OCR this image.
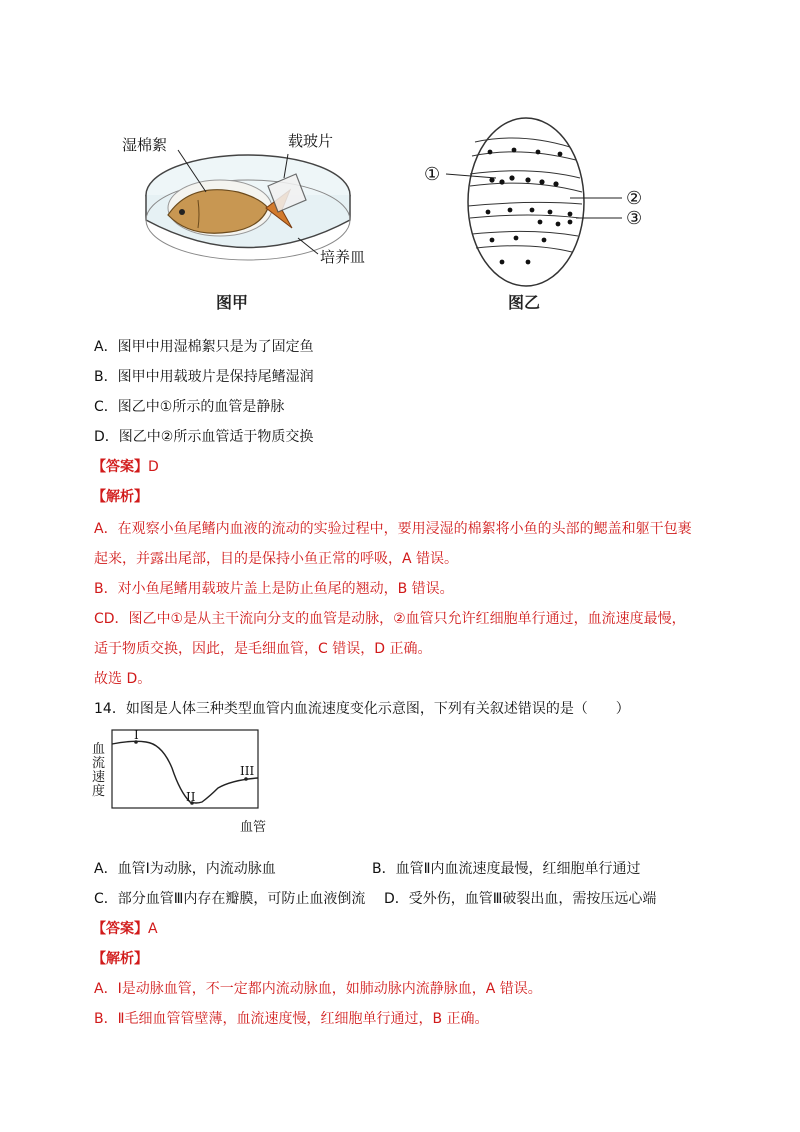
湿棉絮	载玻片
培养皿
图甲
①
②
③
图乙
A．图甲中用湿棉絮只是为了固定鱼
B．图甲中用载玻片是保持尾鳍湿润
C．图乙中①所示的血管是静脉
D．图乙中②所示血管适于物质交换
【答案】D
【解析】
A．在观察小鱼尾鳍内血液的流动的实验过程中，要用浸湿的棉絮将小鱼的头部的鳃盖和躯干包裹
起来，并露出尾部，目的是保持小鱼正常的呼吸，A 错误。
B．对小鱼尾鳍用载玻片盖上是防止鱼尾的翘动，B 错误。
CD．图乙中①是从主干流向分支的血管是动脉，②血管只允许红细胞单行通过，血流速度最慢，
适于物质交换，因此，是毛细血管，C 错误，D 正确。
故选 D。
14．如图是人体三种类型血管内血流速度变化示意图，下列有关叙述错误的是（　　）
血
流
速
度
血管
I
II
III
A．血管Ⅰ为动脉，内流动脉血	B．血管Ⅱ内血流速度最慢，红细胞单行通过
C．部分血管Ⅲ内存在瓣膜，可防止血液倒流 D．受外伤，血管Ⅲ破裂出血，需按压远心端
【答案】A
【解析】
A．Ⅰ是动脉血管，不一定都内流动脉血，如肺动脉内流静脉血，A 错误。
B．Ⅱ毛细血管管壁薄，血流速度慢，红细胞单行通过，B 正确。
